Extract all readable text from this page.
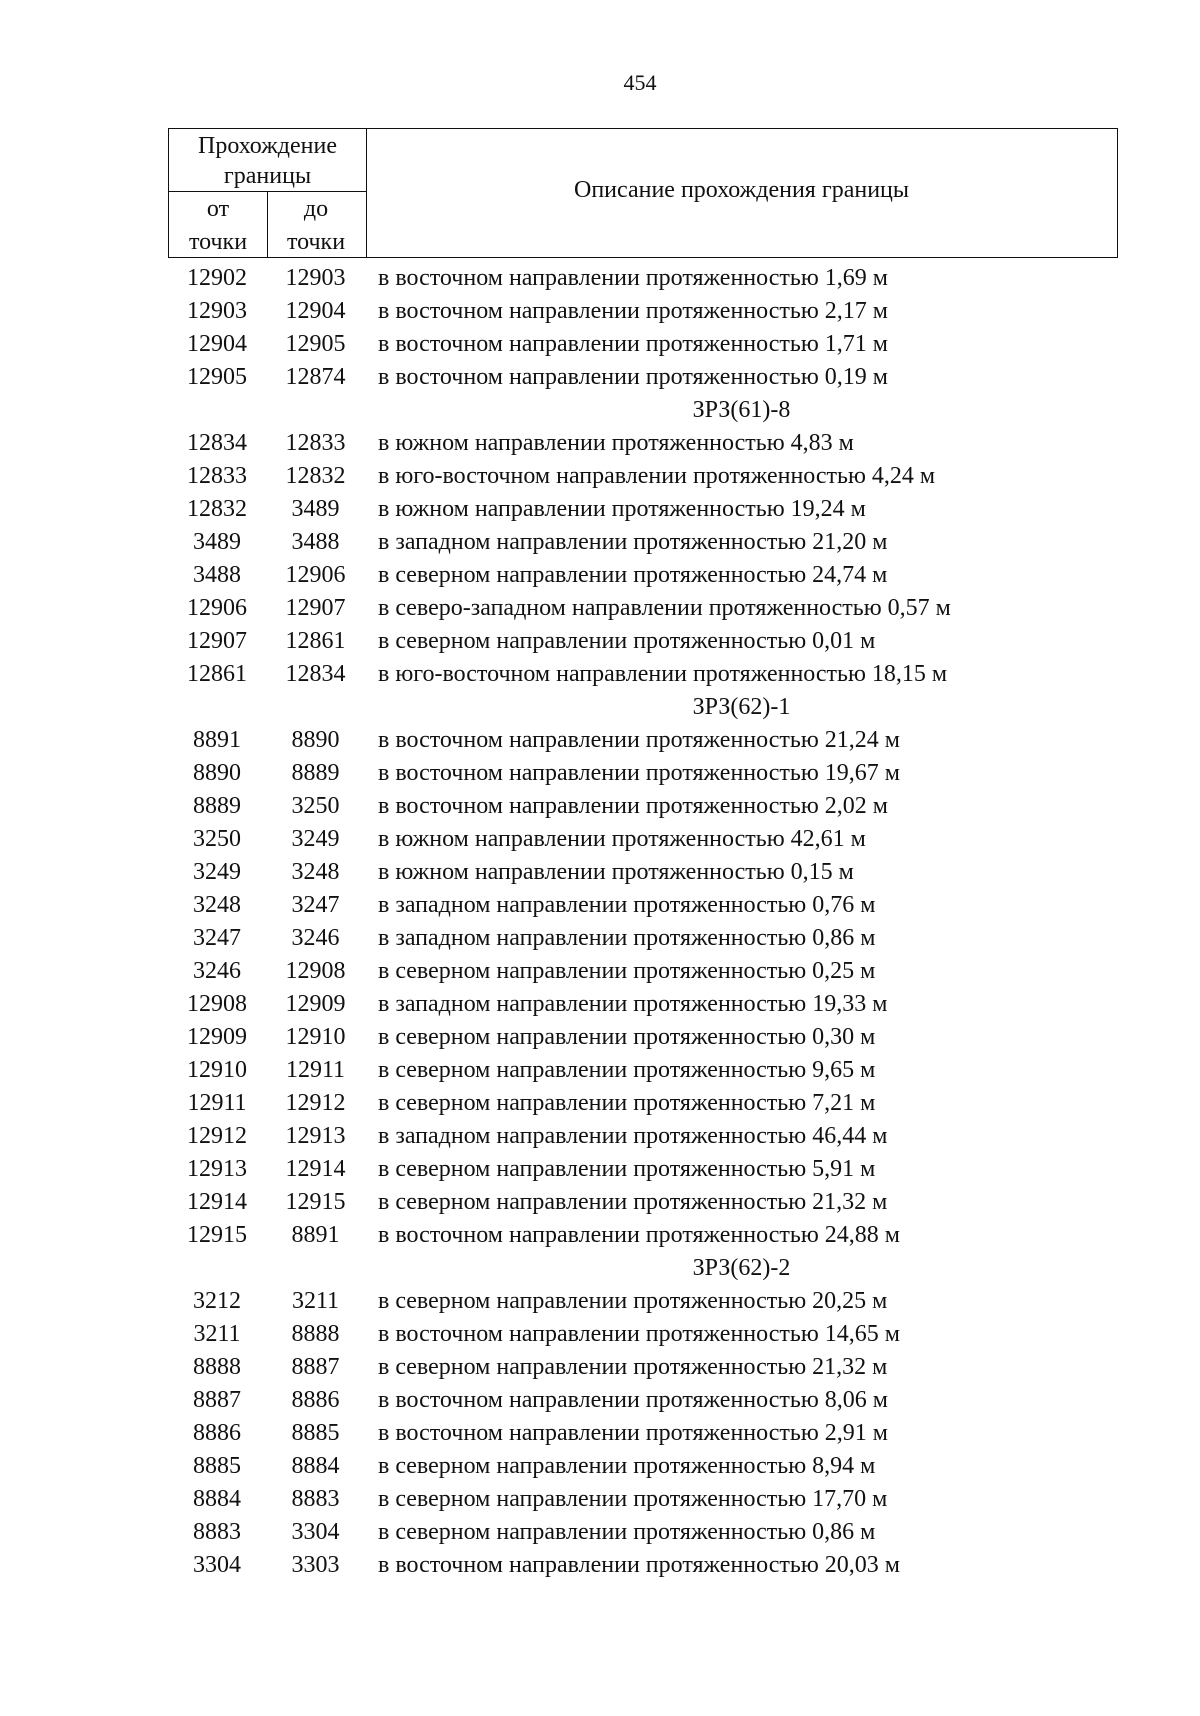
454
Прохождение
границы
от
точки
до
точки
Описание прохождения границы
12902	12903	в восточном направлении протяженностью 1,69 м
12903	12904	в восточном направлении протяженностью 2,17 м
12904	12905	в восточном направлении протяженностью 1,71 м
12905	12874	в восточном направлении протяженностью 0,19 м
ЗРЗ(61)-8
12834	12833	в южном направлении протяженностью 4,83 м
12833	12832	в юго-восточном направлении протяженностью 4,24 м
12832	3489	в южном направлении протяженностью 19,24 м
3489	3488	в западном направлении протяженностью 21,20 м
3488	12906	в северном направлении протяженностью 24,74 м
12906	12907	в северо-западном направлении протяженностью 0,57 м
12907	12861	в северном направлении протяженностью 0,01 м
12861	12834	в юго-восточном направлении протяженностью 18,15 м
ЗРЗ(62)-1
8891	8890	в восточном направлении протяженностью 21,24 м
8890	8889	в восточном направлении протяженностью 19,67 м
8889	3250	в восточном направлении протяженностью 2,02 м
3250	3249	в южном направлении протяженностью 42,61 м
3249	3248	в южном направлении протяженностью 0,15 м
3248	3247	в западном направлении протяженностью 0,76 м
3247	3246	в западном направлении протяженностью 0,86 м
3246	12908	в северном направлении протяженностью 0,25 м
12908	12909	в западном направлении протяженностью 19,33 м
12909	12910	в северном направлении протяженностью 0,30 м
12910	12911	в северном направлении протяженностью 9,65 м
12911	12912	в северном направлении протяженностью 7,21 м
12912	12913	в западном направлении протяженностью 46,44 м
12913	12914	в северном направлении протяженностью 5,91 м
12914	12915	в северном направлении протяженностью 21,32 м
12915	8891	в восточном направлении протяженностью 24,88 м
ЗРЗ(62)-2
3212	3211	в северном направлении протяженностью 20,25 м
3211	8888	в восточном направлении протяженностью 14,65 м
8888	8887	в северном направлении протяженностью 21,32 м
8887	8886	в восточном направлении протяженностью 8,06 м
8886	8885	в восточном направлении протяженностью 2,91 м
8885	8884	в северном направлении протяженностью 8,94 м
8884	8883	в северном направлении протяженностью 17,70 м
8883	3304	в северном направлении протяженностью 0,86 м
3304	3303	в восточном направлении протяженностью 20,03 м
